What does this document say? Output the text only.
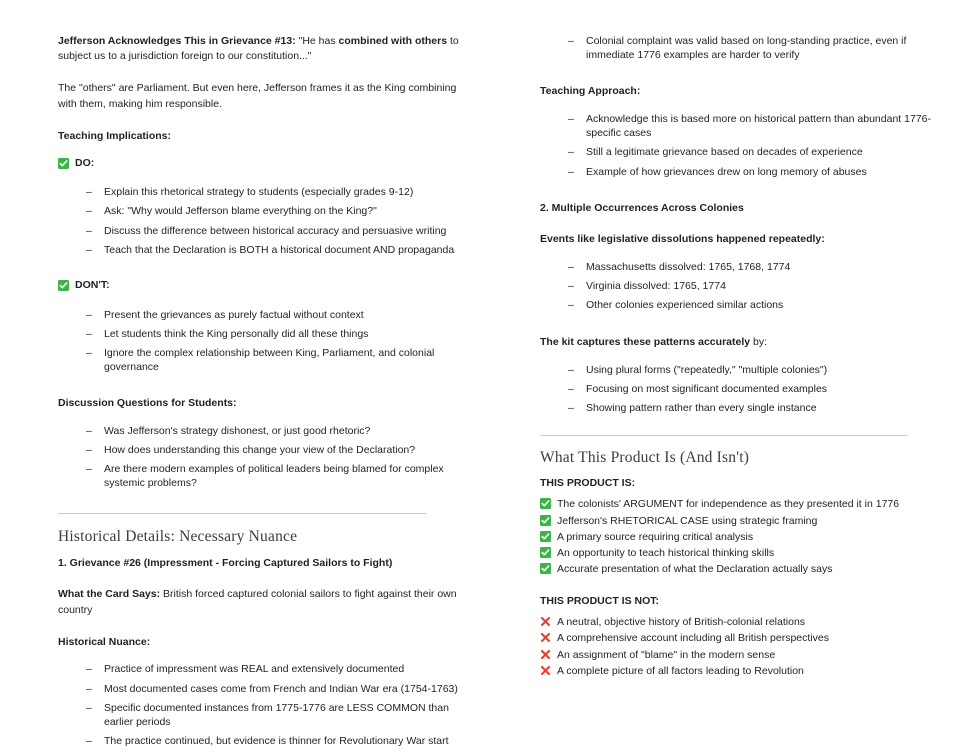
Jefferson Acknowledges This in Grievance #13: "He has combined with others to subject us to a jurisdiction foreign to our constitution..."

The "others" are Parliament. But even here, Jefferson frames it as the King combining with them, making him responsible.

Teaching Implications:

DO:
– Explain this rhetorical strategy to students (especially grades 9-12)
– Ask: "Why would Jefferson blame everything on the King?"
– Discuss the difference between historical accuracy and persuasive writing
– Teach that the Declaration is BOTH a historical document AND propaganda
DON'T:
– Present the grievances as purely factual without context
– Let students think the King personally did all these things
– Ignore the complex relationship between King, Parliament, and colonial governance

Discussion Questions for Students:

– Was Jefferson's strategy dishonest, or just good rhetoric?
– How does understanding this change your view of the Declaration?
– Are there modern examples of political leaders being blamed for complex systemic problems?
Historical Details: Necessary Nuance

1. Grievance #26 (Impressment - Forcing Captured Sailors to Fight)

What the Card Says: British forced captured colonial sailors to fight against their own country

Historical Nuance:

– Practice of impressment was REAL and extensively documented
– Most documented cases come from French and Indian War era (1754-1763)
– Specific documented instances from 1775-1776 are LESS COMMON than earlier periods
– The practice continued, but evidence is thinner for Revolutionary War start
– Colonial complaint was valid based on long-standing practice, even if immediate 1776 examples are harder to verify

Teaching Approach:

– Acknowledge this is based more on historical pattern than abundant 1776-specific cases
– Still a legitimate grievance based on decades of experience
– Example of how grievances drew on long memory of abuses

2. Multiple Occurrences Across Colonies

Events like legislative dissolutions happened repeatedly:

– Massachusetts dissolved: 1765, 1768, 1774
– Virginia dissolved: 1765, 1774
– Other colonies experienced similar actions

The kit captures these patterns accurately by:

– Using plural forms ("repeatedly," "multiple colonies")
– Focusing on most significant documented examples
– Showing pattern rather than every single instance
What This Product Is (And Isn't)

THIS PRODUCT IS:

The colonists' ARGUMENT for independence as they presented it in 1776
Jefferson's RHETORICAL CASE using strategic framing
A primary source requiring critical analysis
An opportunity to teach historical thinking skills
Accurate presentation of what the Declaration actually says

THIS PRODUCT IS NOT:

A neutral, objective history of British-colonial relations
A comprehensive account including all British perspectives
An assignment of "blame" in the modern sense
A complete picture of all factors leading to Revolution
